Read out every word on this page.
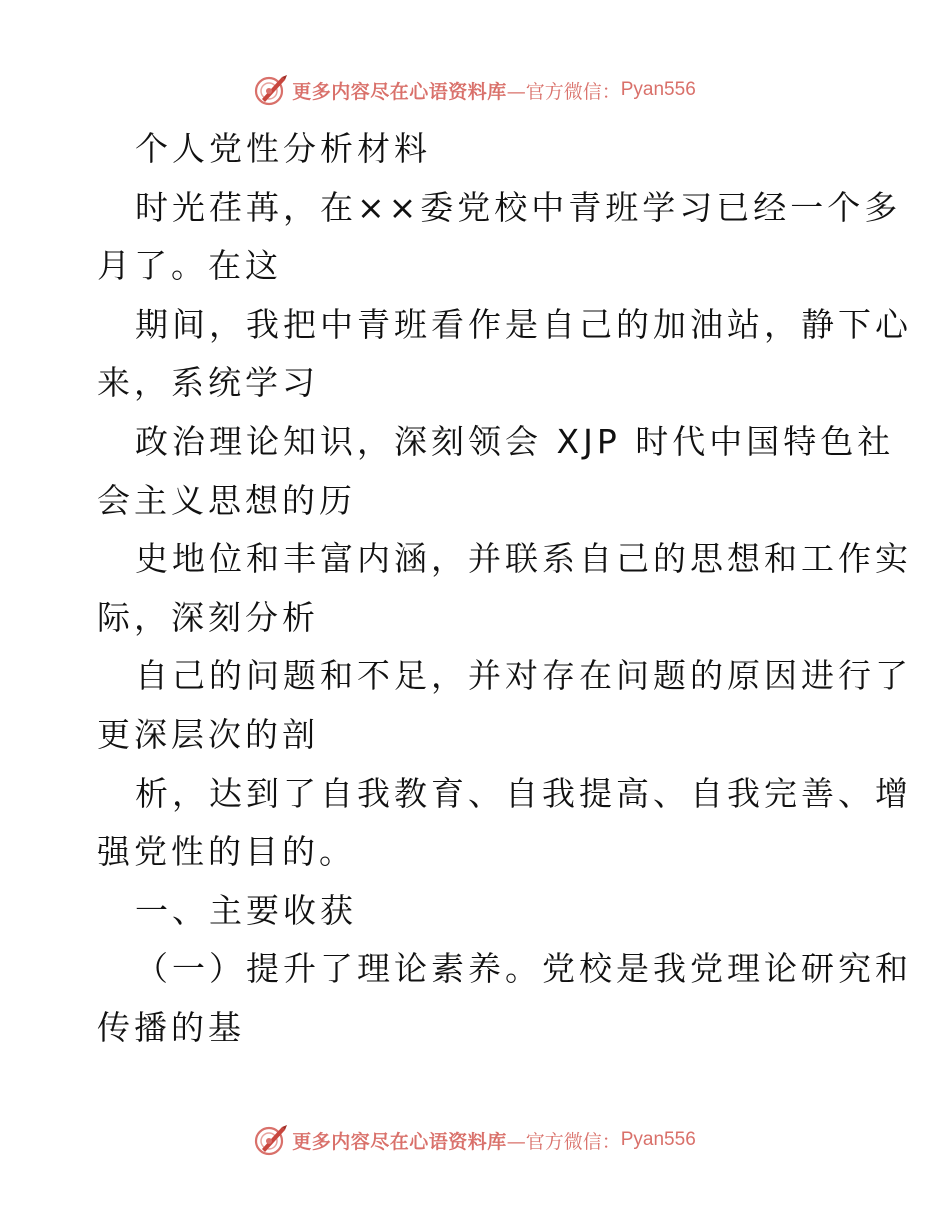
更多内容尽在心语资料库 —官方微信： Pyan556
个人党性分析材料
时光荏苒，在××委党校中青班学习已经一个多
月了。在这
期间，我把中青班看作是自己的加油站，静下心
来，系统学习
政治理论知识，深刻领会 XJP 时代中国特色社
会主义思想的历
史地位和丰富内涵，并联系自己的思想和工作实
际，深刻分析
自己的问题和不足，并对存在问题的原因进行了
更深层次的剖
析，达到了自我教育、自我提高、自我完善、增
强党性的目的。
一、主要收获
（一）提升了理论素养。党校是我党理论研究和
传播的基
更多内容尽在心语资料库 —官方微信： Pyan556
